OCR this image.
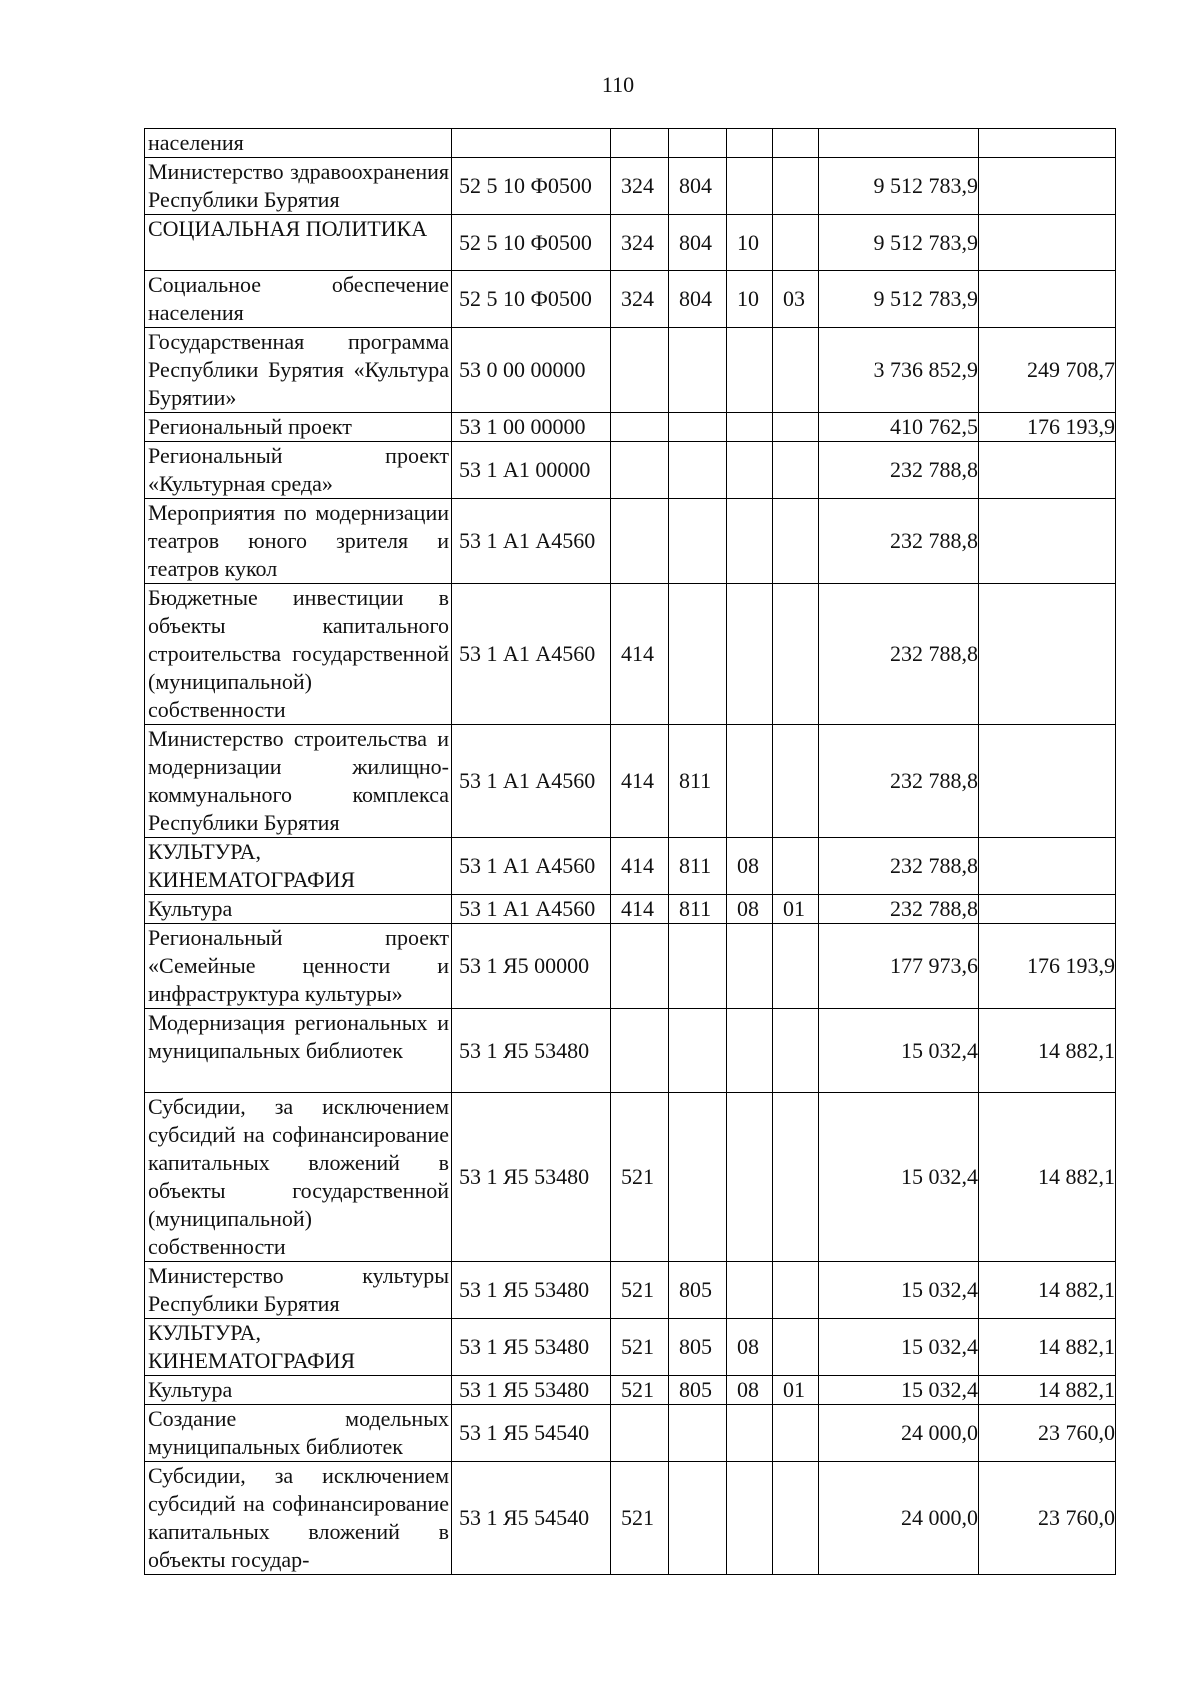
110
населения							
Министерство здравоохранения Республики Бурятия	52 5 10 Ф0500	324	804			9 512 783,9	
СОЦИАЛЬНАЯ ПОЛИТИКА	52 5 10 Ф0500	324	804	10		9 512 783,9	
Социальное обеспечение населения	52 5 10 Ф0500	324	804	10	03	9 512 783,9	
Государственная программа Республики Бурятия «Культура Бурятии»	53 0 00 00000					3 736 852,9	249 708,7
Региональный проект	53 1 00 00000					410 762,5	176 193,9
Региональный проект «Культурная среда»	53 1 А1 00000					232 788,8	
Мероприятия по модернизации театров юного зрителя и театров кукол	53 1 А1 А4560					232 788,8	
Бюджетные инвестиции в объекты капитального строительства государственной (муниципальной) собственности	53 1 А1 А4560	414				232 788,8	
Министерство строительства и модернизации жилищно-коммунального комплекса Республики Бурятия	53 1 А1 А4560	414	811			232 788,8	
КУЛЬТУРА, КИНЕМАТОГРАФИЯ	53 1 А1 А4560	414	811	08		232 788,8	
Культура	53 1 А1 А4560	414	811	08	01	232 788,8	
Региональный проект «Семейные ценности и инфраструктура культуры»	53 1 Я5 00000					177 973,6	176 193,9
Модернизация региональных и муниципальных библиотек	53 1 Я5 53480					15 032,4	14 882,1
Субсидии, за исключением субсидий на софинансирование капитальных вложений в объекты государственной (муниципальной) собственности	53 1 Я5 53480	521				15 032,4	14 882,1
Министерство культуры Республики Бурятия	53 1 Я5 53480	521	805			15 032,4	14 882,1
КУЛЬТУРА, КИНЕМАТОГРАФИЯ	53 1 Я5 53480	521	805	08		15 032,4	14 882,1
Культура	53 1 Я5 53480	521	805	08	01	15 032,4	14 882,1
Создание модельных муниципальных библиотек	53 1 Я5 54540					24 000,0	23 760,0
Субсидии, за исключением субсидий на софинансирование капитальных вложений в объекты государ-	53 1 Я5 54540	521				24 000,0	23 760,0
